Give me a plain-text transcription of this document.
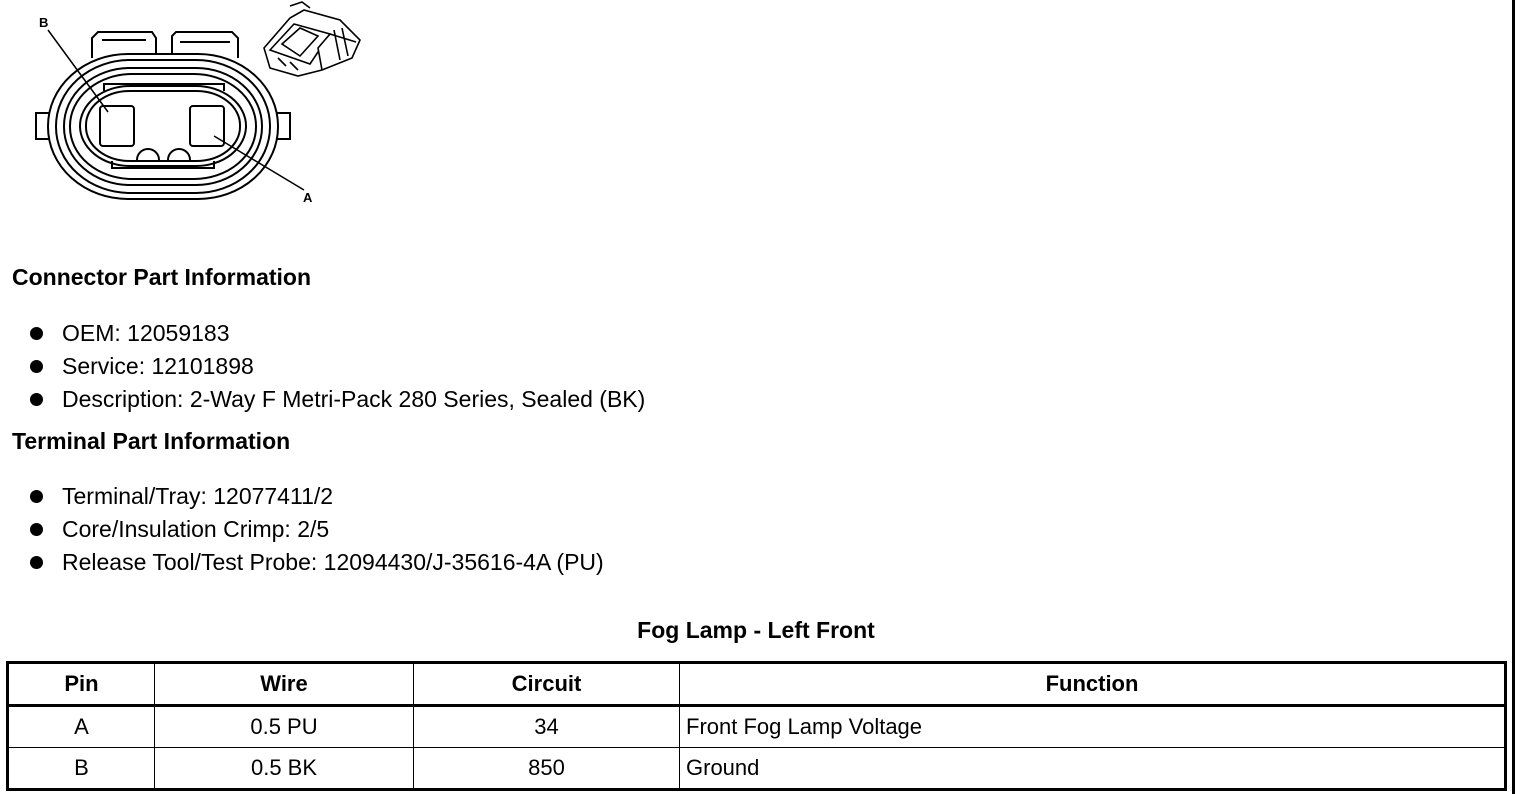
B
A
Connector Part Information
OEM: 12059183
Service: 12101898
Description: 2-Way F Metri-Pack 280 Series, Sealed (BK)
Terminal Part Information
Terminal/Tray: 12077411/2
Core/Insulation Crimp: 2/5
Release Tool/Test Probe: 12094430/J-35616-4A (PU)
Fog Lamp - Left Front
Pin	Wire	Circuit	Function
A	0.5 PU	34	Front Fog Lamp Voltage
B	0.5 BK	850	Ground
